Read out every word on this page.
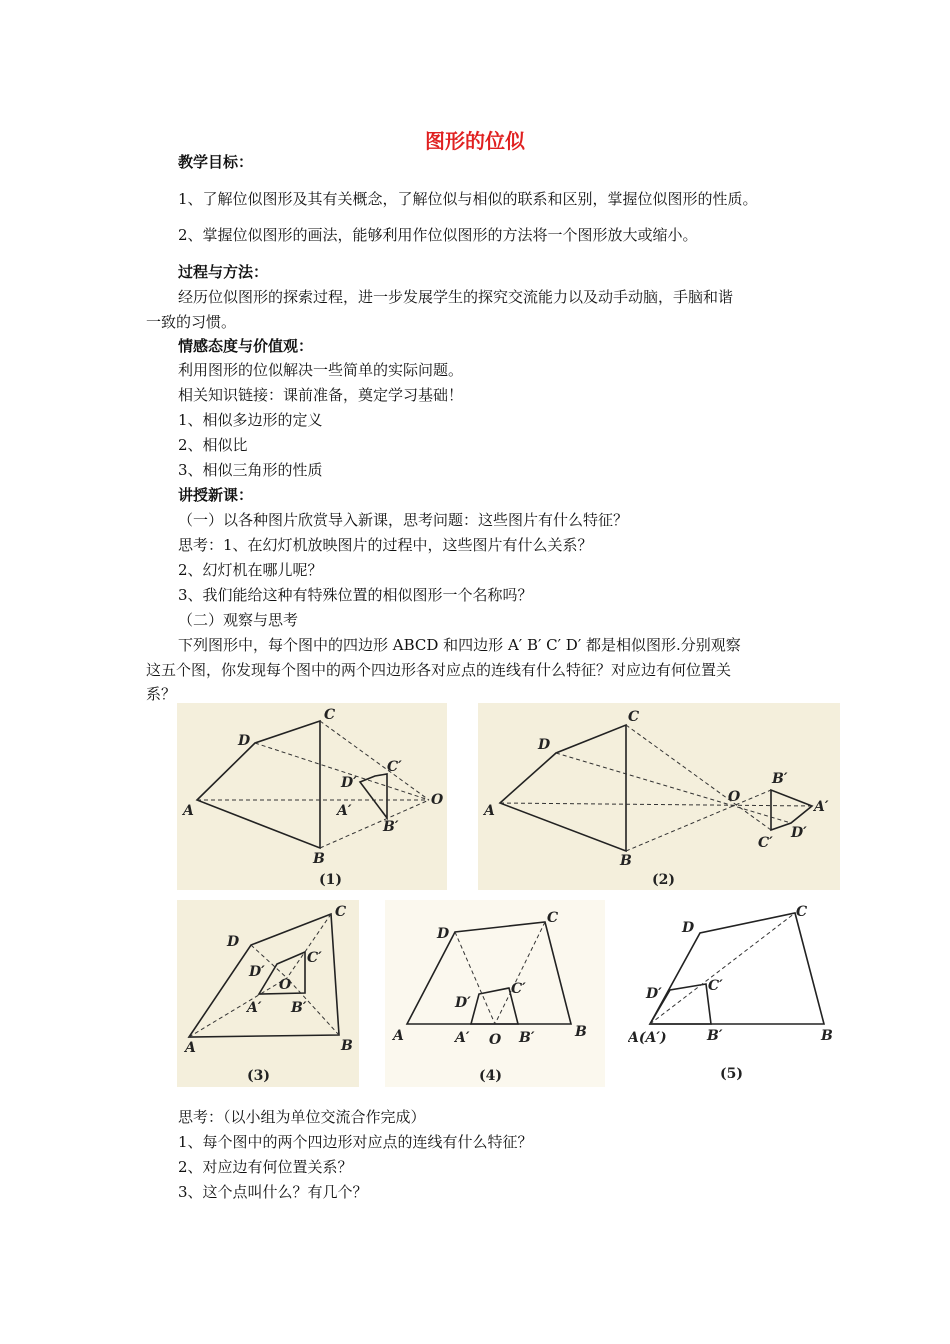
图形的位似
教学目标：
1、了解位似图形及其有关概念，了解位似与相似的联系和区别，掌握位似图形的性质。
2、掌握位似图形的画法，能够利用作位似图形的方法将一个图形放大或缩小。
过程与方法：
经历位似图形的探索过程，进一步发展学生的探究交流能力以及动手动脑，手脑和谐
一致的习惯。
情感态度与价值观：
利用图形的位似解决一些简单的实际问题。
相关知识链接：课前准备，奠定学习基础！
1、相似多边形的定义
2、相似比
3、相似三角形的性质
讲授新课：
（一）以各种图片欣赏导入新课，思考问题：这些图片有什么特征？
思考：1、在幻灯机放映图片的过程中，这些图片有什么关系？
2、幻灯机在哪儿呢？
3、我们能给这种有特殊位置的相似图形一个名称吗？
（二）观察与思考
下列图形中，每个图中的四边形 ABCD 和四边形 A′ B′ C′ D′ 都是相似图形.分别观察
这五个图，你发现每个图中的两个四边形各对应点的连线有什么特征？对应边有何位置关
系？
A
D
C
B
D′
C′
A′
B′
O
(1)
A
D
C
B
O
B′
A′
D′
C′
(2)
A
D
C
B
D′
C′
O
A′ B′
(3)
A
D
C
B
D′
C′
A′ O B′
(4)
A(A′)
D
C
B
D′	C′
B′
(5)
思考：（以小组为单位交流合作完成）
1、每个图中的两个四边形对应点的连线有什么特征？
2、对应边有何位置关系？
3、这个点叫什么？有几个？
